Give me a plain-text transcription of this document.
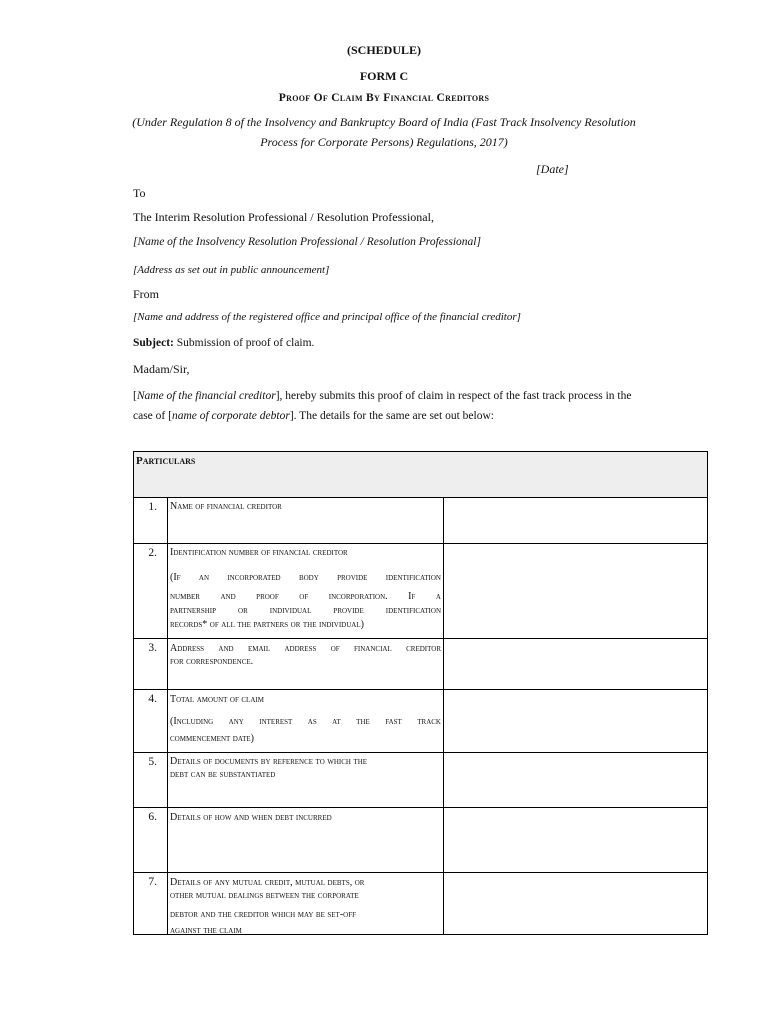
(SCHEDULE)
FORM C
Proof Of Claim By Financial Creditors
(Under Regulation 8 of the Insolvency and Bankruptcy Board of India (Fast Track Insolvency Resolution
Process for Corporate Persons) Regulations, 2017)
[Date]
To
The Interim Resolution Professional / Resolution Professional,
[Name of the Insolvency Resolution Professional / Resolution Professional]
[Address as set out in public announcement]
From
[Name and address of the registered office and principal office of the financial creditor]
Subject: Submission of proof of claim.
Madam/Sir,
[Name of the financial creditor], hereby submits this proof of claim in respect of the fast track process in the
case of [name of corporate debtor]. The details for the same are set out below:
Particulars
1.	Name of financial creditor
2.	Identification number of financial creditor
(If an incorporated body provide identification
number and proof of incorporation. If a
partnership or individual provide identification
records* of all the partners or the individual)
3.	Address and email address of financial creditor
for correspondence.
4.	Total amount of claim
(Including any interest as at the fast track
commencement date)
5.	Details of documents by reference to which the
debt can be substantiated
6.	Details of how and when debt incurred
7.	Details of any mutual credit, mutual debts, or
other mutual dealings between the corporate
debtor and the creditor which may be set-off
against the claim
